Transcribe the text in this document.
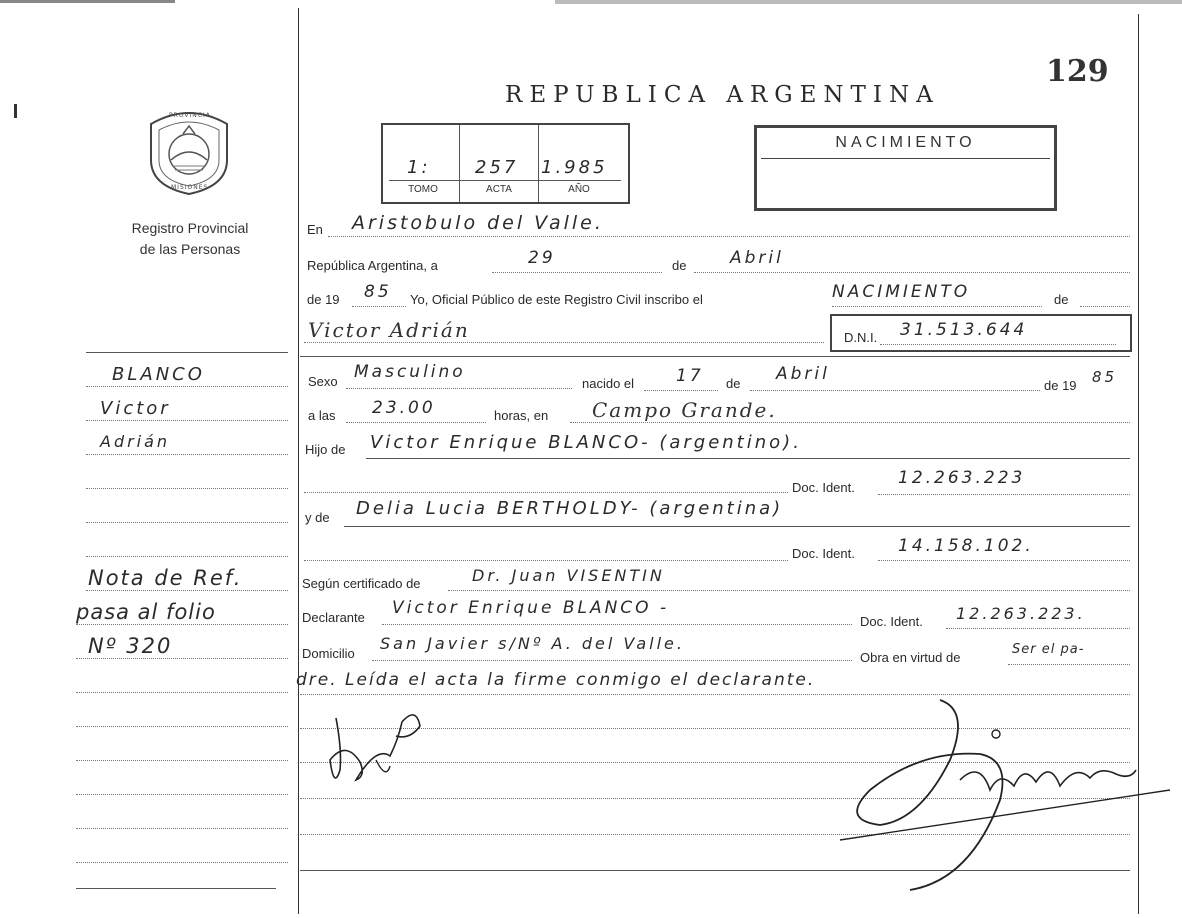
REPUBLICA ARGENTINA
129
PROVINCIA
MISIONES
Registro Provincial
de las Personas
1: 257 1.985
TOMO	ACTA	AÑO
NACIMIENTO
En Aristobulo del Valle.
República Argentina, a	29	de	Abril
de 19 85 Yo, Oficial Público de este Registro Civil inscribo el	NACIMIENTO	de
Victor Adrián	D.N.I. 31.513.644
Sexo Masculino
nacido el 17 de Abril
de 19 85
a las 23.00	horas, en Campo Grande.
Hijo de Victor Enrique BLANCO- (argentino).
Doc. Ident.	12.263.223
y de Delia Lucia BERTHOLDY- (argentina)
Doc. Ident.	14.158.102.
Según certificado de	Dr. Juan VISENTIN
Declarante Victor Enrique BLANCO -
Doc. Ident. 12.263.223.
Domicilio
San Javier s/Nº A. del Valle.
Obra en virtud de
Ser el pa-
dre. Leída el acta la firme conmigo el declarante.
BLANCO
Victor
Adrián
Nota de Ref.
pasa al folio
Nº 320
